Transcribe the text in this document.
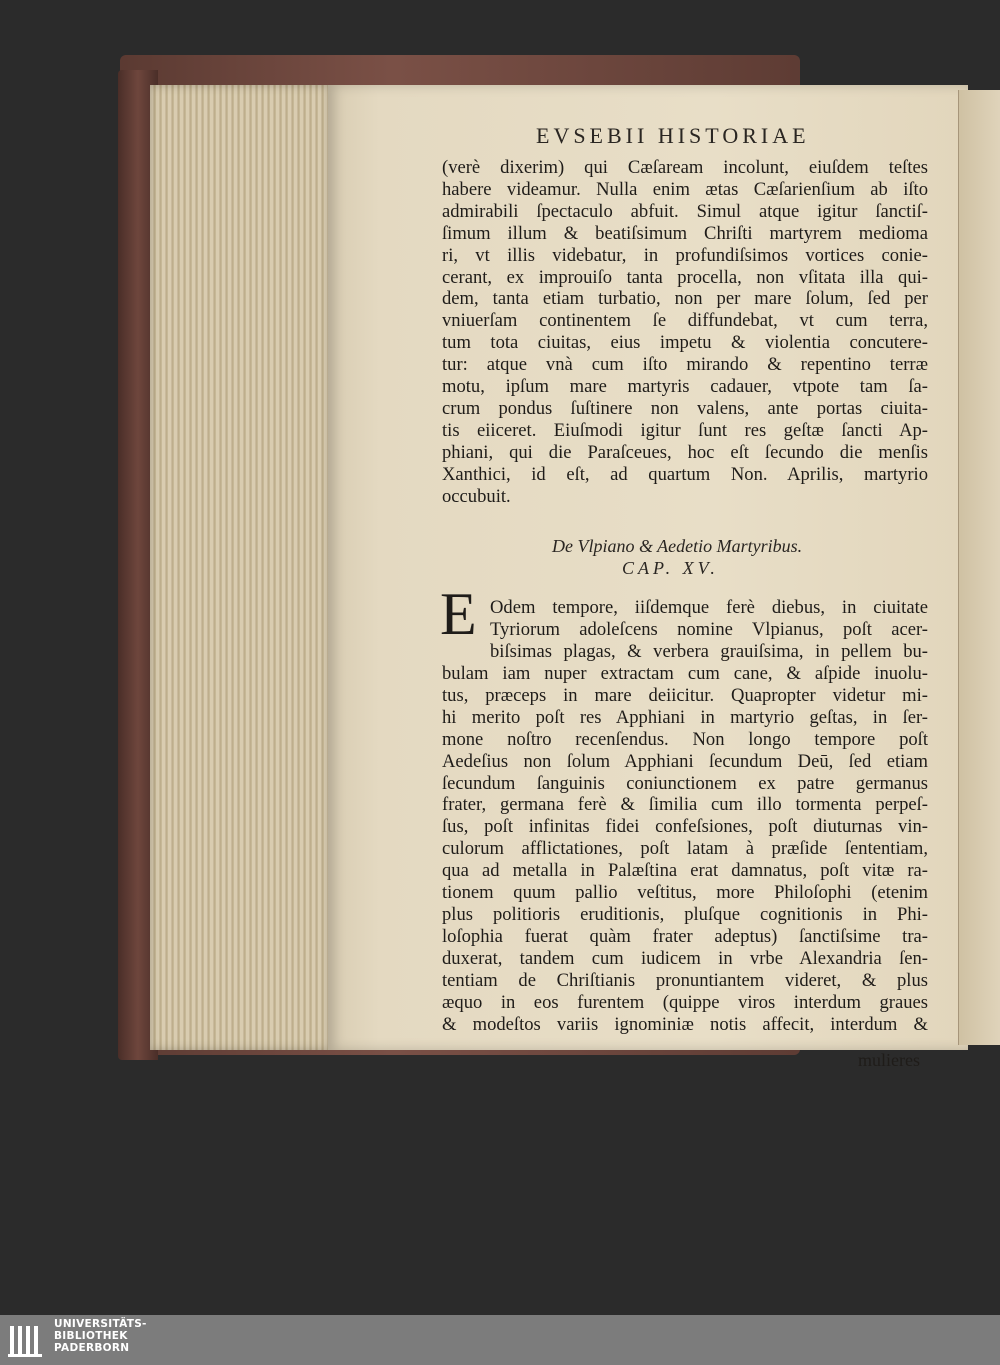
EVSEBII HISTORIAE
(verè dixerim) qui Cæſaream incolunt, eiuſdem teſtes
habere videamur. Nulla enim ætas Cæſarienſium ab iſto
admirabili ſpectaculo abfuit. Simul atque igitur ſanctiſ-
ſimum illum & beatiſsimum Chriſti martyrem medioma
ri, vt illis videbatur, in profundiſsimos vortices conie-
cerant, ex improuiſo tanta procella, non vſitata illa qui-
dem, tanta etiam turbatio, non per mare ſolum, ſed per
vniuerſam continentem ſe diffundebat, vt cum terra,
tum tota ciuitas, eius impetu & violentia concutere-
tur: atque vnà cum iſto mirando & repentino terræ
motu, ipſum mare martyris cadauer, vtpote tam ſa-
crum pondus ſuſtinere non valens, ante portas ciuita-
tis eiiceret. Eiuſmodi igitur ſunt res geſtæ ſancti Ap-
phiani, qui die Paraſceues, hoc eſt ſecundo die menſis
Xanthici, id eſt, ad quartum Non. Aprilis, martyrio
occubuit.
De Vlpiano & Aedetio Martyribus.
CAP. XV.
E Odem tempore, iiſdemque ferè diebus, in ciuitate
Tyriorum adoleſcens nomine Vlpianus, poſt acer-
biſsimas plagas, & verbera grauiſsima, in pellem bu-
bulam iam nuper extractam cum cane, & aſpide inuolu-
tus, præceps in mare deiicitur. Quapropter videtur mi-
hi merito poſt res Apphiani in martyrio geſtas, in ſer-
mone noſtro recenſendus. Non longo tempore poſt
Aedeſius non ſolum Apphiani ſecundum Deū, ſed etiam
ſecundum ſanguinis coniunctionem ex patre germanus
frater, germana ferè & ſimilia cum illo tormenta perpeſ-
ſus, poſt infinitas fidei confeſsiones, poſt diuturnas vin-
culorum afflictationes, poſt latam à præſide ſententiam,
qua ad metalla in Palæſtina erat damnatus, poſt vitæ ra-
tionem quum pallio veſtitus, more Philoſophi (etenim
plus politioris eruditionis, pluſque cognitionis in Phi-
loſophia fuerat quàm frater adeptus) ſanctiſsime tra-
duxerat, tandem cum iudicem in vrbe Alexandria ſen-
tentiam de Chriſtianis pronuntiantem videret, & plus
æquo in eos furentem (quippe viros interdum graues
& modeſtos variis ignominiæ notis affecit, interdum &
mulieres
UNIVERSITÄTS-
BIBLIOTHEK
PADERBORN
